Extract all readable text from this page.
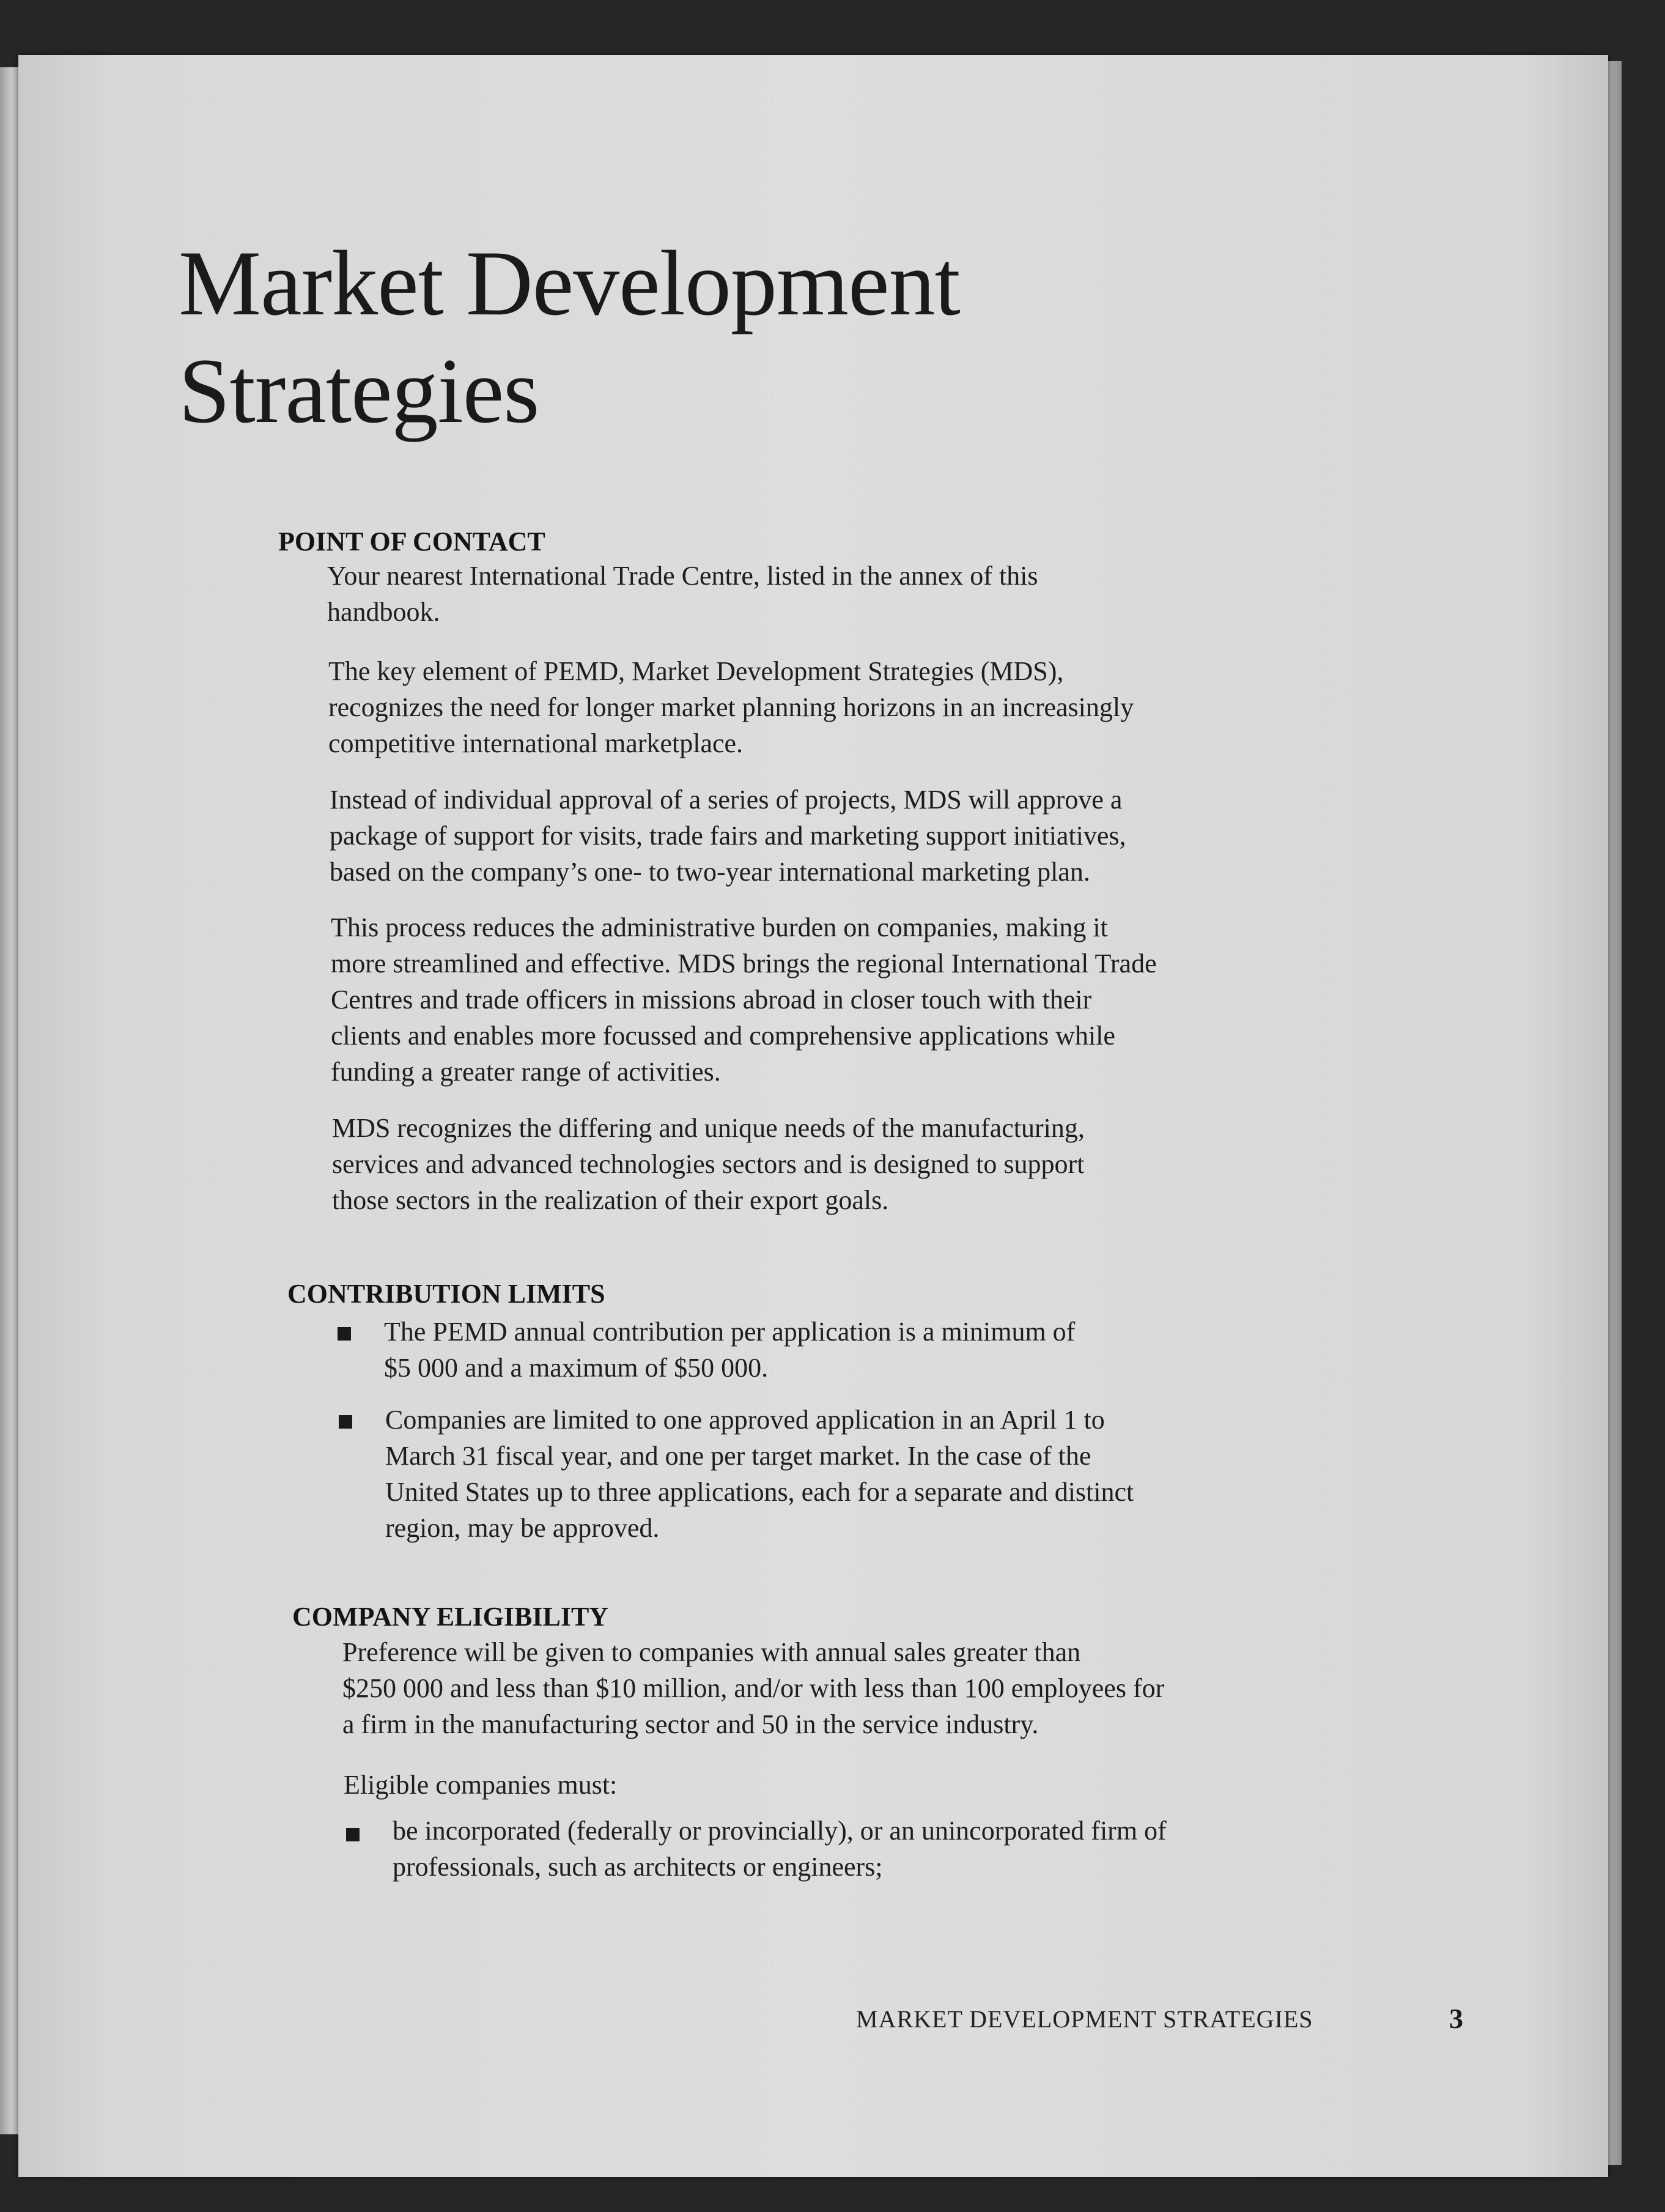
Market Development
Strategies
POINT OF CONTACT

Your nearest International Trade Centre, listed in the annex of this
handbook.

The key element of PEMD, Market Development Strategies (MDS),
recognizes the need for longer market planning horizons in an increasingly
competitive international marketplace.

Instead of individual approval of a series of projects, MDS will approve a
package of support for visits, trade fairs and marketing support initiatives,
based on the company’s one- to two-year international marketing plan.

This process reduces the administrative burden on companies, making it
more streamlined and effective. MDS brings the regional International Trade
Centres and trade officers in missions abroad in closer touch with their
clients and enables more focussed and comprehensive applications while
funding a greater range of activities.

MDS recognizes the differing and unique needs of the manufacturing,
services and advanced technologies sectors and is designed to support
those sectors in the realization of their export goals.

CONTRIBUTION LIMITS

The PEMD annual contribution per application is a minimum of
$5 000 and a maximum of $50 000.

Companies are limited to one approved application in an April 1 to
March 31 fiscal year, and one per target market. In the case of the
United States up to three applications, each for a separate and distinct
region, may be approved.

COMPANY ELIGIBILITY

Preference will be given to companies with annual sales greater than
$250 000 and less than $10 million, and/or with less than 100 employees for
a firm in the manufacturing sector and 50 in the service industry.

Eligible companies must:

be incorporated (federally or provincially), or an unincorporated firm of
professionals, such as architects or engineers;

MARKET DEVELOPMENT STRATEGIES	3
